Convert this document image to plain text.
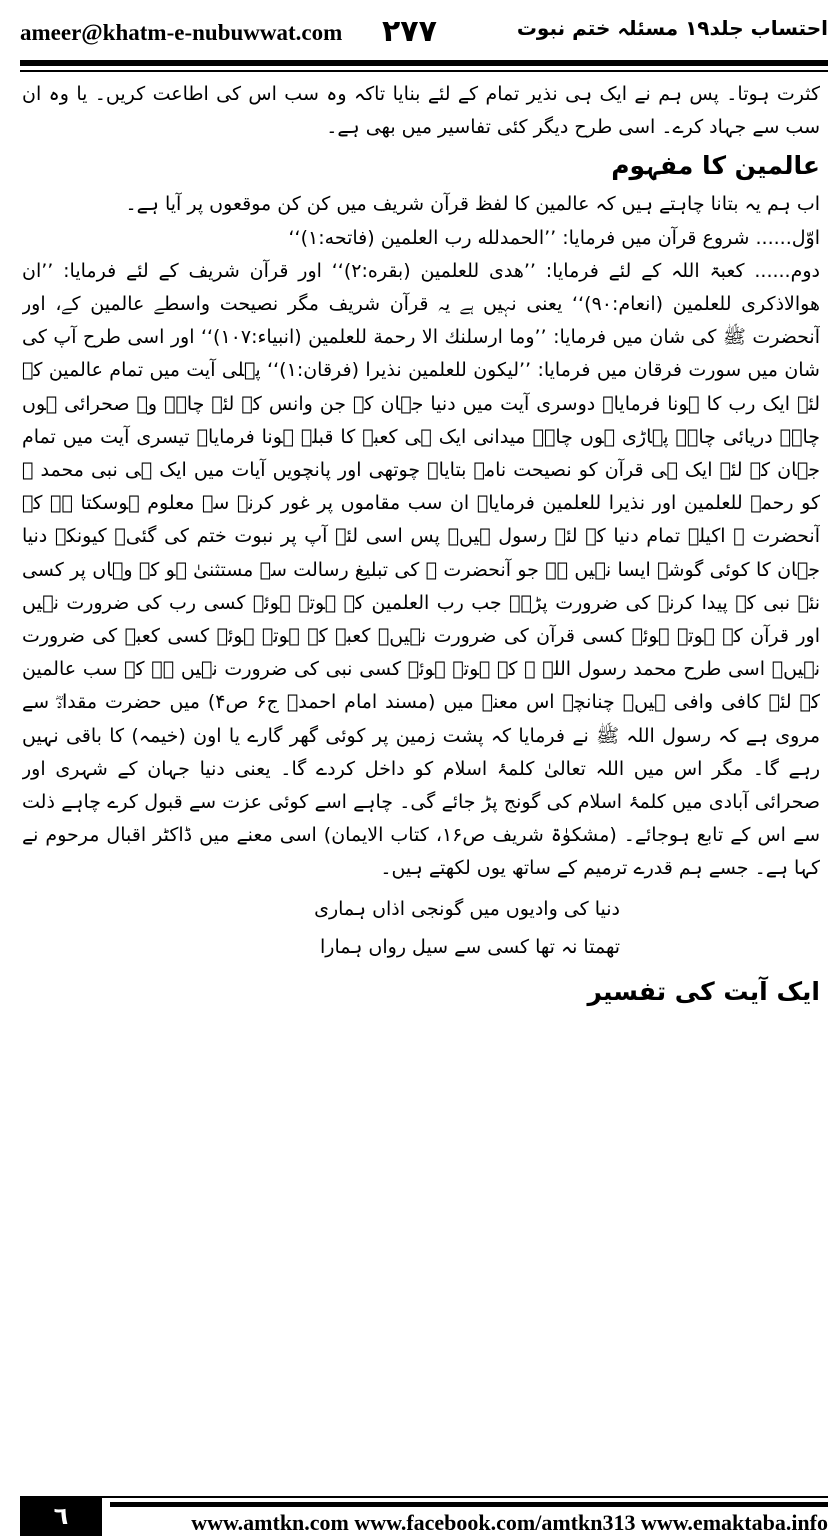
ameer@khatm-e-nubuwwat.com ۲۷۷	احتساب جلد۱۹ مسئلہ ختم نبوت

کثرت ہوتا۔ پس ہم نے ایک ہی نذیر تمام کے لئے بنایا تاکہ وہ سب اس کی اطاعت کریں۔ یا وہ ان سب سے جہاد کرے۔ اسی طرح دیگر کئی تفاسیر میں بھی ہے۔

عالمین کا مفہوم

اب ہم یہ بتانا چاہتے ہیں کہ عالمین کا لفظ قرآن شریف میں کن کن موقعوں پر آیا ہے۔

اوّل...... شروع قرآن میں فرمایا: ’’الحمدلله رب العلمین (فاتحه:۱)‘‘

دوم...... کعبۃ اللہ کے لئے فرمایا: ’’هدی للعلمین (بقره:۲)‘‘ اور قرآن شریف کے لئے فرمایا: ’’ان هوالاذکری للعلمین (انعام:۹۰)‘‘ یعنی نہیں ہے یہ قرآن شریف مگر نصیحت واسطے عالمین کے، اور آنحضرت ﷺ کی شان میں فرمایا: ’’وما ارسلنك الا رحمة للعلمین (انبیاء:۱۰۷)‘‘ اور اسی طرح آپ کی شان میں سورت فرقان میں فرمایا: ’’لیکون للعلمین نذیرا (فرقان:۱)‘‘ پہلی آیت میں تمام عالمین کے لئے ایک رب کا ہونا فرمایا۔ دوسری آیت میں دنیا جہان کے جن وانس کے لئے چاہے وہ صحرائی ہوں چاہے دریائی چاہے پہاڑی ہوں چاہے میدانی ایک ہی کعبہ کا قبلہ ہونا فرمایا۔ تیسری آیت میں تمام جہان کے لئے ایک ہی قرآن کو نصیحت نامہ بتایا۔ چوتھی اور پانچویں آیات میں ایک ہی نبی محمد ﷺ کو رحمۃ للعلمین اور نذیرا للعلمین فرمایا۔ ان سب مقاموں پر غور کرنے سے معلوم ہوسکتا ہے کہ آنحضرت ﷺ اکیلے تمام دنیا کے لئے رسول ہیں۔ پس اسی لئے آپ پر نبوت ختم کی گئی۔ کیونکہ دنیا جہان کا کوئی گوشہ ایسا نہیں ہے جو آنحضرت ﷺ کی تبلیغ رسالت سے مستثنیٰ ہو کہ وہاں پر کسی نئے نبی کے پیدا کرنے کی ضرورت پڑے۔ جب رب العلمین کے ہوتے ہوئے کسی رب کی ضرورت نہیں اور قرآن کے ہوتے ہوئے کسی قرآن کی ضرورت نہیں۔ کعبہ کے ہوتے ہوئے کسی کعبہ کی ضرورت نہیں۔ اسی طرح محمد رسول اللہ ﷺ کے ہوتے ہوئے کسی نبی کی ضرورت نہیں ہے کہ سب عالمین کے لئے کافی وافی ہیں۔ چنانچہ اس معنے میں (مسند امام احمدؒ ج۶ ص۴) میں حضرت مقدادؓ سے مروی ہے کہ رسول اللہ ﷺ نے فرمایا کہ پشت زمین پر کوئی گھر گارے یا اون (خیمہ) کا باقی نہیں رہے گا۔ مگر اس میں اللہ تعالیٰ کلمۂ اسلام کو داخل کردے گا۔ یعنی دنیا جہان کے شہری اور صحرائی آبادی میں کلمۂ اسلام کی گونج پڑ جائے گی۔ چاہے اسے کوئی عزت سے قبول کرے چاہے ذلت سے اس کے تابع ہوجائے۔ (مشکوٰۃ شریف ص۱۶، کتاب الایمان) اسی معنے میں ڈاکٹر اقبال مرحوم نے کہا ہے۔ جسے ہم قدرے ترمیم کے ساتھ یوں لکھتے ہیں۔

دنیا کی وادیوں میں گونجی اذاں ہماری
تھمتا نہ تھا کسی سے سیل رواں ہمارا
ایک آیت کی تفسیر
٦	www.amtkn.com www.facebook.com/amtkn313 www.emaktaba.info
